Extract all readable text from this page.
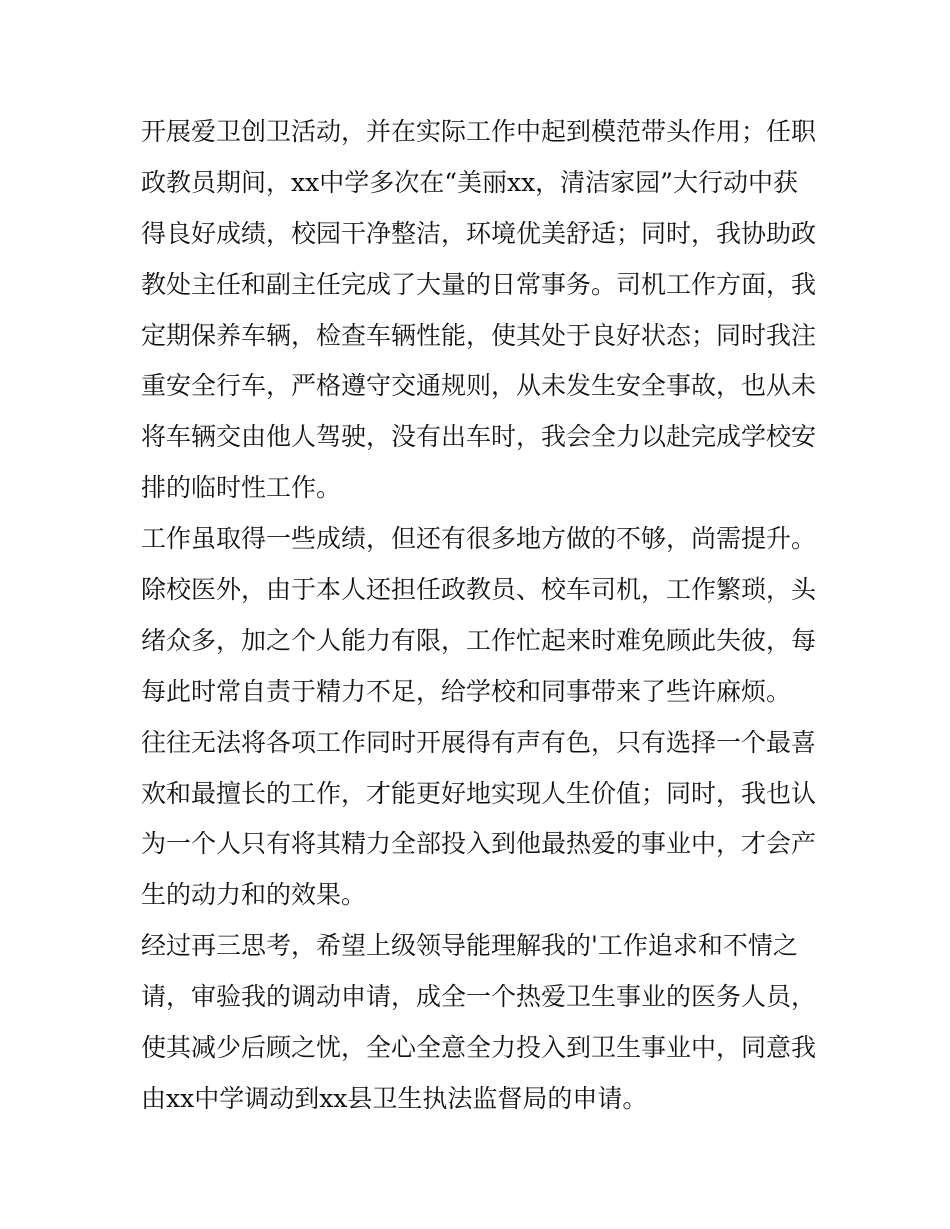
开展爱卫创卫活动，并在实际工作中起到模范带头作用；任职
政教员期间，xx中学多次在“美丽xx，清洁家园”大行动中获
得良好成绩，校园干净整洁，环境优美舒适；同时，我协助政
教处主任和副主任完成了大量的日常事务。司机工作方面，我
定期保养车辆，检查车辆性能，使其处于良好状态；同时我注
重安全行车，严格遵守交通规则，从未发生安全事故，也从未
将车辆交由他人驾驶，没有出车时，我会全力以赴完成学校安
排的临时性工作。
工作虽取得一些成绩，但还有很多地方做的不够，尚需提升。
除校医外，由于本人还担任政教员、校车司机，工作繁琐，头
绪众多，加之个人能力有限，工作忙起来时难免顾此失彼，每
每此时常自责于精力不足，给学校和同事带来了些许麻烦。
往往无法将各项工作同时开展得有声有色，只有选择一个最喜
欢和最擅长的工作，才能更好地实现人生价值；同时，我也认
为一个人只有将其精力全部投入到他最热爱的事业中，才会产
生的动力和的效果。
经过再三思考，希望上级领导能理解我的'工作追求和不情之
请，审验我的调动申请，成全一个热爱卫生事业的医务人员，
使其减少后顾之忧，全心全意全力投入到卫生事业中，同意我
由xx中学调动到xx县卫生执法监督局的申请。
